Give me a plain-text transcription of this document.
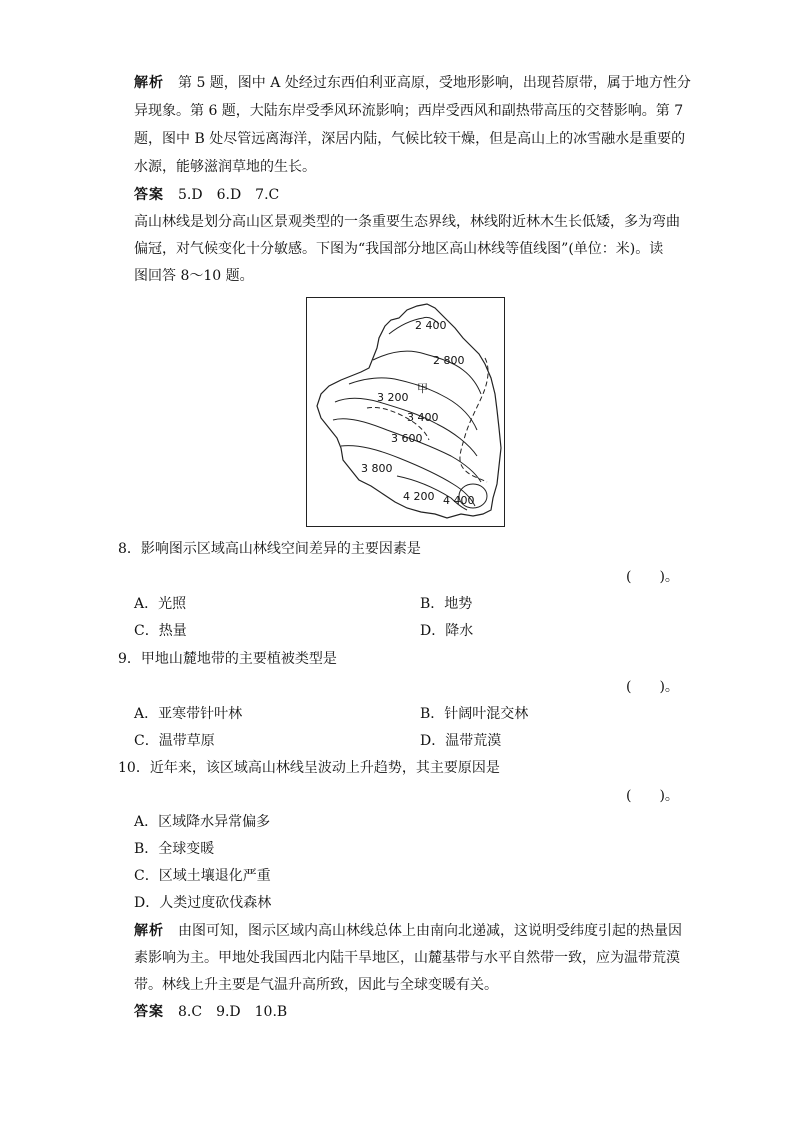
解析　 第 5 题，图中 A 处经过东西伯利亚高原，受地形影响，出现苔原带，属于地方性分
异现象。第 6 题，大陆东岸受季风环流影响；西岸受西风和副热带高压的交替影响。第 7
题，图中 B 处尽管远离海洋，深居内陆，气候比较干燥，但是高山上的冰雪融水是重要的
水源，能够滋润草地的生长。
答案　 5.D　6.D　7.C
高山林线是划分高山区景观类型的一条重要生态界线，林线附近林木生长低矮，多为弯曲
偏冠，对气候变化十分敏感。下图为“我国部分地区高山林线等值线图”(单位：米)。读
图回答 8～10 题。
2 400
2 800
甲
3 200
3 400
3 600
3 800
4 200 4 400
8．影响图示区域高山林线空间差异的主要因素是
(　　)。
A．光照	B．地势
C．热量	D．降水
9．甲地山麓地带的主要植被类型是
(　　)。
A．亚寒带针叶林	B．针阔叶混交林
C．温带草原	D．温带荒漠
10．近年来，该区域高山林线呈波动上升趋势，其主要原因是
(　　)。
A．区域降水异常偏多
B．全球变暖
C．区域土壤退化严重
D．人类过度砍伐森林
解析　 由图可知，图示区域内高山林线总体上由南向北递减，这说明受纬度引起的热量因
素影响为主。甲地处我国西北内陆干旱地区，山麓基带与水平自然带一致，应为温带荒漠
带。林线上升主要是气温升高所致，因此与全球变暖有关。
答案　 8.C　9.D　10.B
